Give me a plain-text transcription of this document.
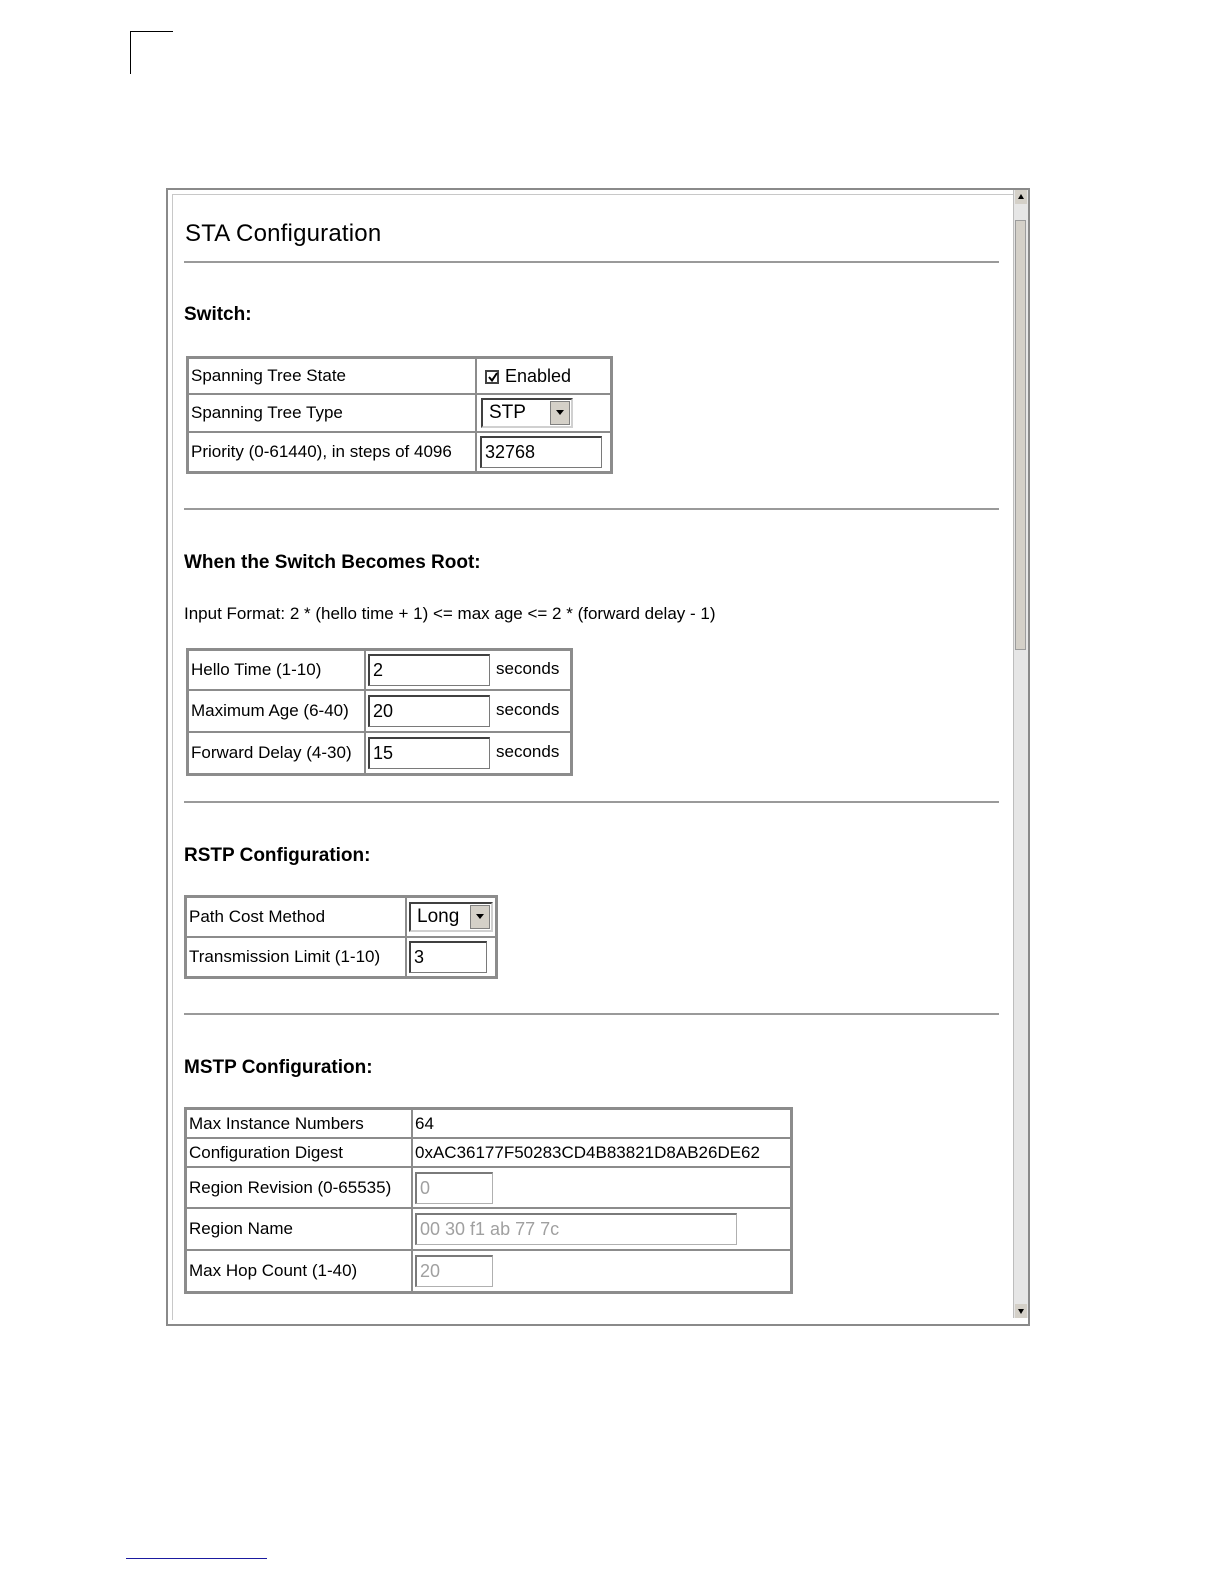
STA Configuration
Switch:
Spanning Tree State	Enabled
Spanning Tree Type	STP

Priority (0-61440), in steps of 4096	32768
When the Switch Becomes Root:
Input Format: 2 * (hello time + 1) <= max age <= 2 * (forward delay - 1)
Hello Time (1-10)	2 seconds
Maximum Age (6-40)	20 seconds
Forward Delay (4-30)	15 seconds
RSTP Configuration:
Path Cost Method	Long

Transmission Limit (1-10)	3
MSTP Configuration:
Max Instance Numbers	64
Configuration Digest	0xAC36177F50283CD4B83821D8AB26DE62
Region Revision (0-65535)	0
Region Name	00 30 f1 ab 77 7c
Max Hop Count (1-40)	20
